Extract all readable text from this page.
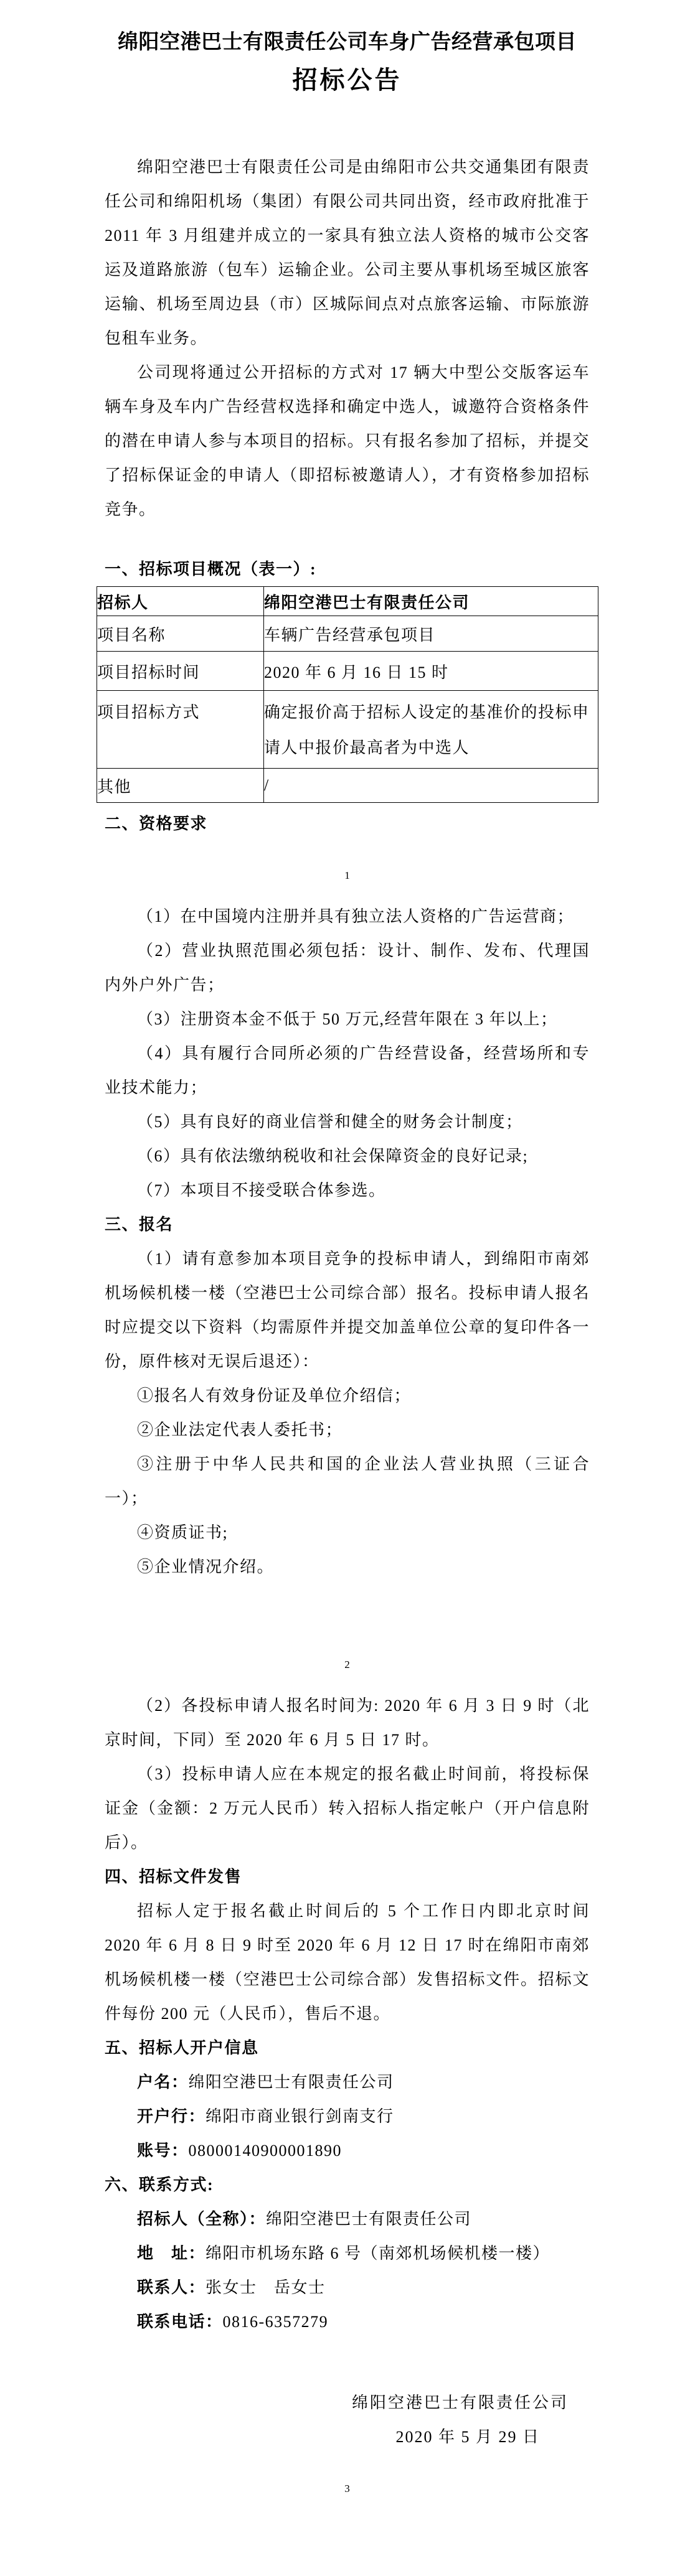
绵阳空港巴士有限责任公司车身广告经营承包项目
招标公告

绵阳空港巴士有限责任公司是由绵阳市公共交通集团有限责任公司和绵阳机场（集团）有限公司共同出资，经市政府批准于 2011 年 3 月组建并成立的一家具有独立法人资格的城市公交客运及道路旅游（包车）运输企业。公司主要从事机场至城区旅客运输、机场至周边县（市）区城际间点对点旅客运输、市际旅游包租车业务。

公司现将通过公开招标的方式对 17 辆大中型公交版客运车辆车身及车内广告经营权选择和确定中选人，诚邀符合资格条件的潜在申请人参与本项目的招标。只有报名参加了招标，并提交了招标保证金的申请人（即招标被邀请人），才有资格参加招标竞争。

一、招标项目概况（表一）:

招标人	绵阳空港巴士有限责任公司
项目名称	车辆广告经营承包项目
项目招标时间	2020 年 6 月 16 日 15 时
项目招标方式	确定报价高于招标人设定的基准价的投标申请人中报价最高者为中选人
其他	/

二、资格要求

1

（1）在中国境内注册并具有独立法人资格的广告运营商；

（2）营业执照范围必须包括：设计、制作、发布、代理国内外户外广告；

（3）注册资本金不低于 50 万元,经营年限在 3 年以上；

（4）具有履行合同所必须的广告经营设备，经营场所和专业技术能力；

（5）具有良好的商业信誉和健全的财务会计制度；

（6）具有依法缴纳税收和社会保障资金的良好记录;

（7）本项目不接受联合体参选。

三、报名

（1）请有意参加本项目竞争的投标申请人，到绵阳市南郊机场候机楼一楼（空港巴士公司综合部）报名。投标申请人报名时应提交以下资料（均需原件并提交加盖单位公章的复印件各一份，原件核对无误后退还）：

①报名人有效身份证及单位介绍信；

②企业法定代表人委托书；

③注册于中华人民共和国的企业法人营业执照（三证合一）；

④资质证书;

⑤企业情况介绍。

2

（2）各投标申请人报名时间为: 2020 年 6 月 3 日 9 时（北京时间，下同）至 2020 年 6 月 5 日 17 时。

（3）投标申请人应在本规定的报名截止时间前，将投标保证金（金额：2 万元人民币）转入招标人指定帐户（开户信息附后）。

四、招标文件发售

招标人定于报名截止时间后的 5 个工作日内即北京时间 2020 年 6 月 8 日 9 时至 2020 年 6 月 12 日 17 时在绵阳市南郊机场候机楼一楼（空港巴士公司综合部）发售招标文件。招标文件每份 200 元（人民币），售后不退。

五、招标人开户信息

户名：绵阳空港巴士有限责任公司

开户行：绵阳市商业银行剑南支行

账号：08000140900001890

六、联系方式:

招标人（全称）：绵阳空港巴士有限责任公司

地　址：绵阳市机场东路 6 号（南郊机场候机楼一楼）

联系人：张女士　岳女士

联系电话：0816-6357279

绵阳空港巴士有限责任公司

2020 年 5 月 29 日

3
